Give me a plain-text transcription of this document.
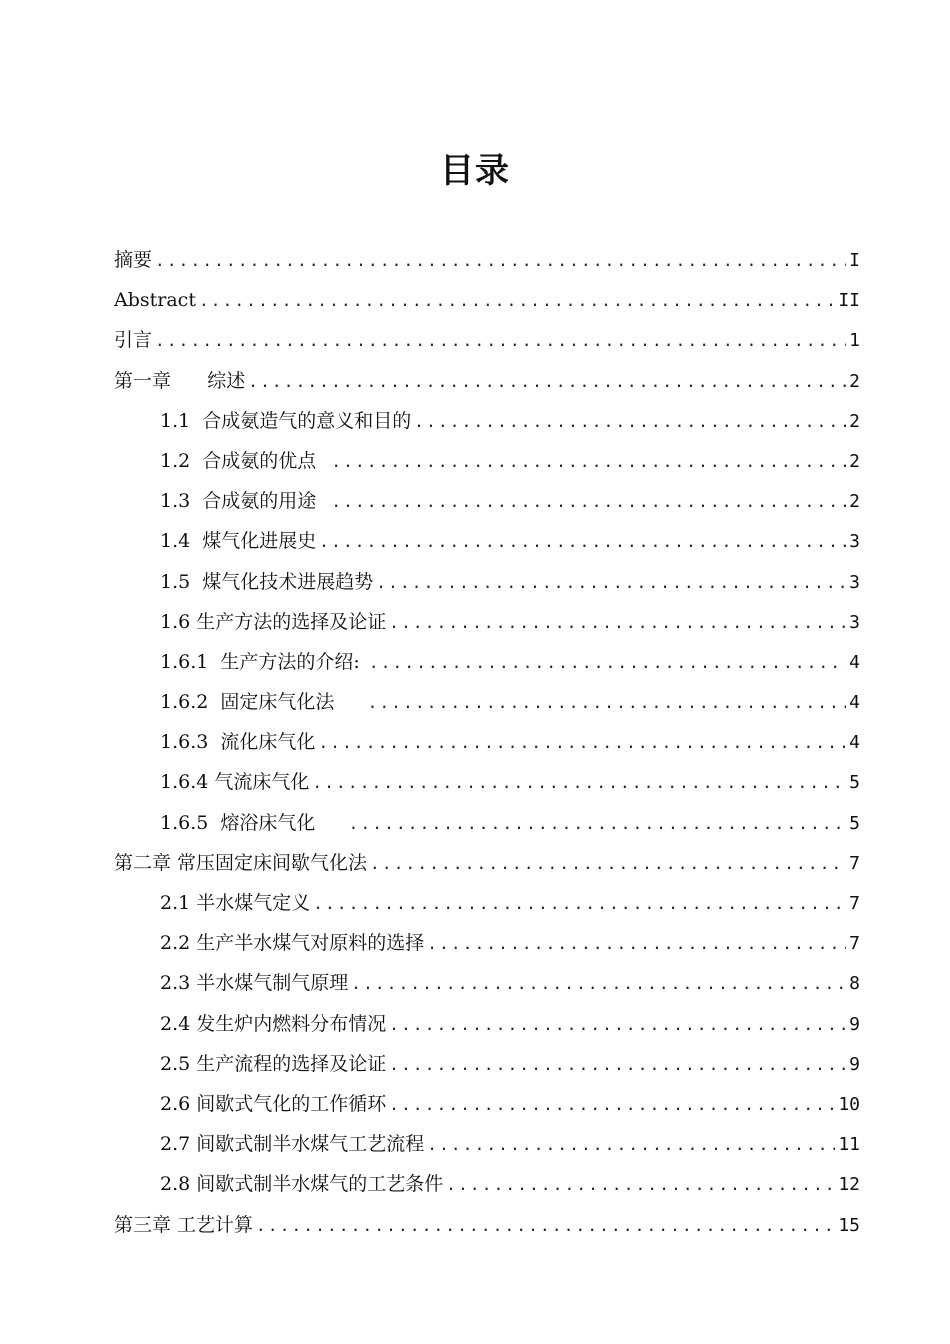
目录
摘要 .....	I
Abstract .....	II
引言 .....	1
第一章      综述 .....	2
1.1  合成氨造气的意义和目的 .....	2
1.2  合成氨的优点 .....	2
1.3  合成氨的用途 .....	2
1.4  煤气化进展史 .....	3
1.5  煤气化技术进展趋势 .....	3
1.6 生产方法的选择及论证 .....	3
1.6.1  生产方法的介绍: .....	4
1.6.2  固定床气化法 .....	4
1.6.3  流化床气化 .....	4
1.6.4 气流床气化 .....	5
1.6.5  熔浴床气化 .....	5
第二章 常压固定床间歇气化法 .....	7
2.1 半水煤气定义 .....	7
2.2 生产半水煤气对原料的选择 .....	7
2.3 半水煤气制气原理 .....	8
2.4 发生炉内燃料分布情况 .....	9
2.5 生产流程的选择及论证 .....	9
2.6 间歇式气化的工作循环 .....	10
2.7 间歇式制半水煤气工艺流程 .....	11
2.8 间歇式制半水煤气的工艺条件 .....	12
第三章 工艺计算 .....	15
